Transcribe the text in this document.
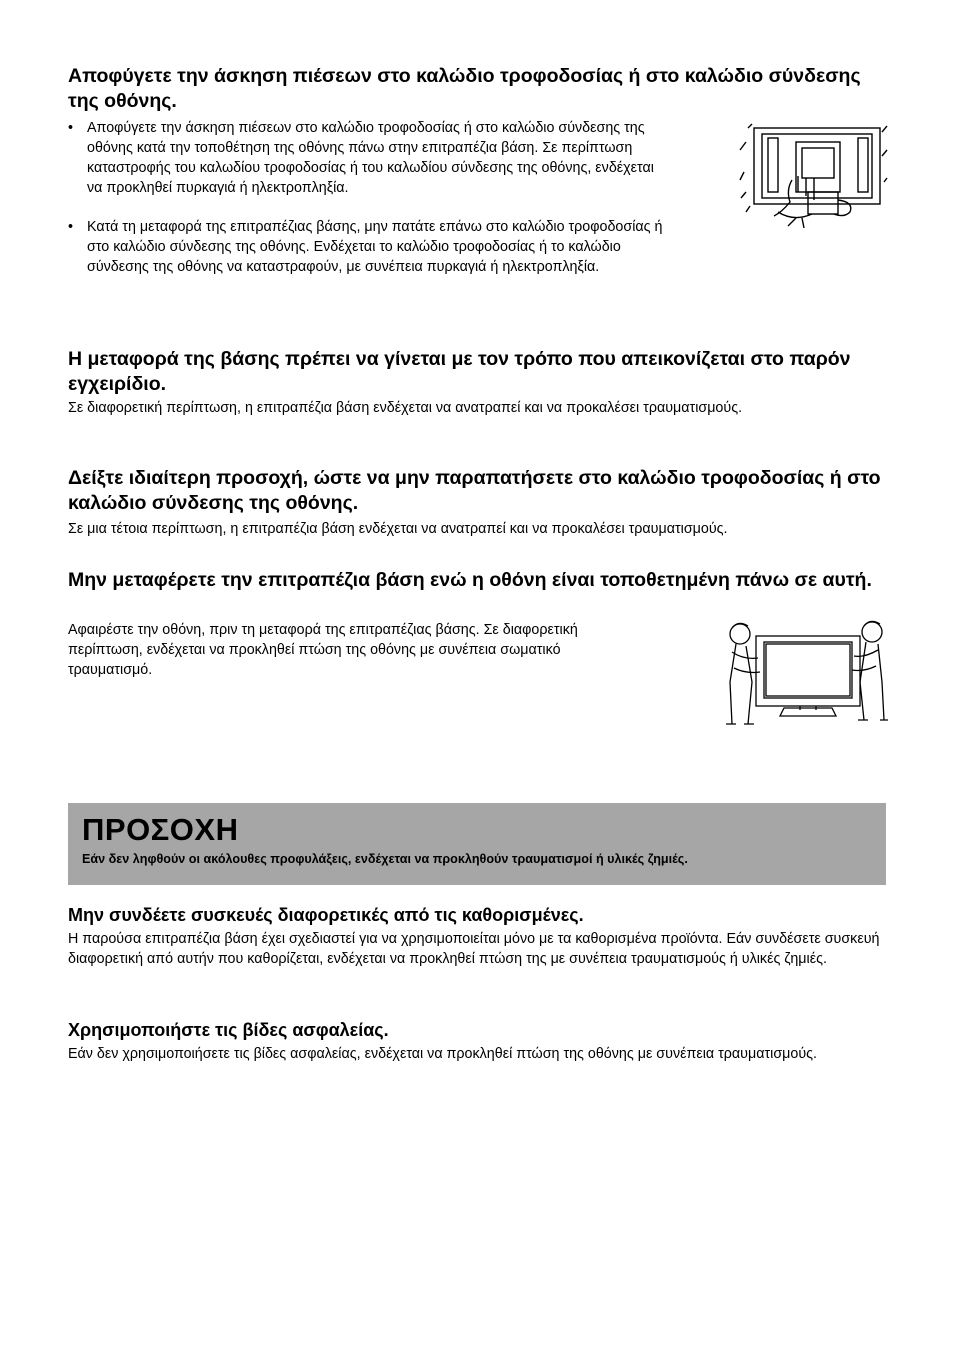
Αποφύγετε την άσκηση πιέσεων στο καλώδιο τροφοδοσίας ή στο καλώδιο σύνδεσης της οθόνης.
• Αποφύγετε την άσκηση πιέσεων στο καλώδιο τροφοδοσίας ή στο καλώδιο σύνδεσης της οθόνης κατά την τοποθέτηση της οθόνης πάνω στην επιτραπέζια βάση. Σε περίπτωση καταστροφής του καλωδίου τροφοδοσίας ή του καλωδίου σύνδεσης της οθόνης, ενδέχεται να προκληθεί πυρκαγιά ή ηλεκτροπληξία.
• Κατά τη μεταφορά της επιτραπέζιας βάσης, μην πατάτε επάνω στο καλώδιο τροφοδοσίας ή στο καλώδιο σύνδεσης της οθόνης. Ενδέχεται το καλώδιο τροφοδοσίας ή το καλώδιο σύνδεσης της οθόνης να καταστραφούν, με συνέπεια πυρκαγιά ή ηλεκτροπληξία.
Η μεταφορά της βάσης πρέπει να γίνεται με τον τρόπο που απεικονίζεται στο παρόν εγχειρίδιο.

Σε διαφορετική περίπτωση, η επιτραπέζια βάση ενδέχεται να ανατραπεί και να προκαλέσει τραυματισμούς.

Δείξτε ιδιαίτερη προσοχή, ώστε να μην παραπατήσετε στο καλώδιο τροφοδοσίας ή στο καλώδιο σύνδεσης της οθόνης.

Σε μια τέτοια περίπτωση, η επιτραπέζια βάση ενδέχεται να ανατραπεί και να προκαλέσει τραυματισμούς.

Μην μεταφέρετε την επιτραπέζια βάση ενώ η οθόνη είναι τοποθετημένη πάνω σε αυτή.

Αφαιρέστε την οθόνη, πριν τη μεταφορά της επιτραπέζιας βάσης. Σε διαφορετική περίπτωση, ενδέχεται να προκληθεί πτώση της οθόνης με συνέπεια σωματικό τραυματισμό.

ΠΡΟΣΟΧΗ
Εάν δεν ληφθούν οι ακόλουθες προφυλάξεις, ενδέχεται να προκληθούν τραυματισμοί ή υλικές ζημιές.
Μην συνδέετε συσκευές διαφορετικές από τις καθορισμένες.

Η παρούσα επιτραπέζια βάση έχει σχεδιαστεί για να χρησιμοποιείται μόνο με τα καθορισμένα προϊόντα. Εάν συνδέσετε συσκευή διαφορετική από αυτήν που καθορίζεται, ενδέχεται να προκληθεί πτώση της με συνέπεια τραυματισμούς ή υλικές ζημιές.

Χρησιμοποιήστε τις βίδες ασφαλείας.

Εάν δεν χρησιμοποιήσετε τις βίδες ασφαλείας, ενδέχεται να προκληθεί πτώση της οθόνης με συνέπεια τραυματισμούς.
